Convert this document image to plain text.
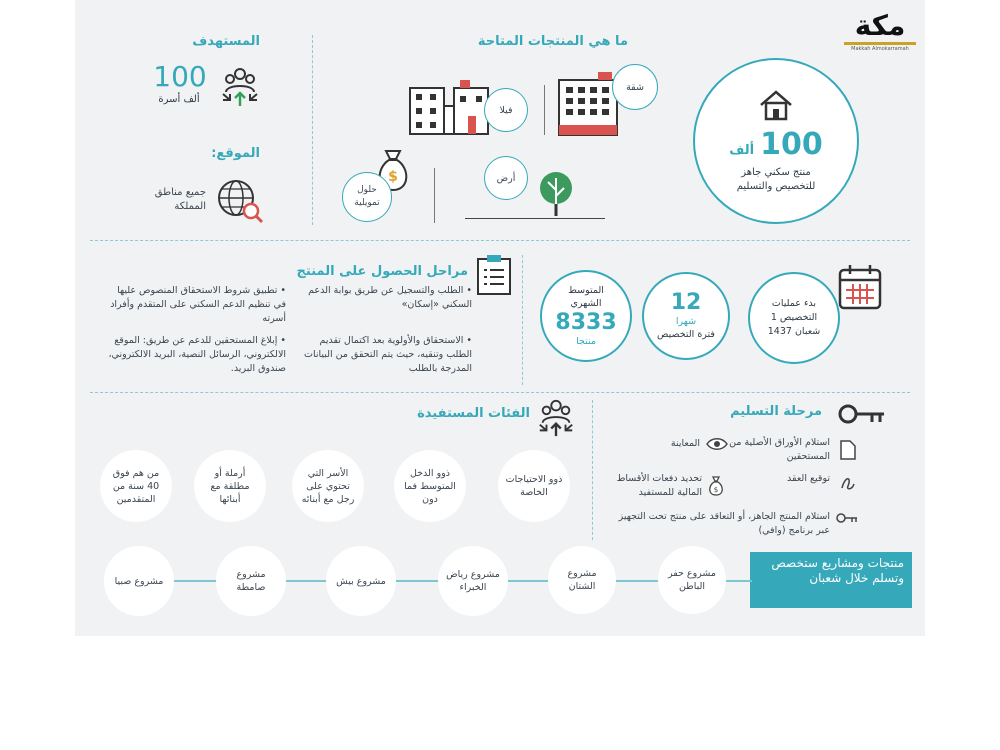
مكة
Makkah Almokarramah
ما هي المنتجات المتاحة
100
ألف
منتج سكني جاهز للتخصيص والتسليم
شقة
فيلا
أرض
$
حلول تمويلية
المستهدف
100
ألف أسرة
الموقع:
جميع مناطق المملكة
مراحل الحصول على المنتج
• الطلب والتسجيل عن طريق بوابة الدعم السكني «إسكان»
• الاستحقاق والأولوية بعد اكتمال تقديم الطلب وتنقيه، حيث يتم التحقق من البيانات المدرجة بالطلب
• تطبيق شروط الاستحقاق المنصوص عليها في تنظيم الدعم السكني على المتقدم وأفراد أسرته
• إبلاغ المستحقين للدعم عن طريق: الموقع الالكتروني، الرسائل النصية، البريد الالكتروني، صندوق البريد.
بدء عمليات التخصيص 1 شعبان 1437
12
شهرا
فترة التخصيص
المتوسط الشهري
8333
منتجا
مرحلة التسليم
استلام الأوراق الأصلية من المستحقين
المعاينة
توقيع العقد
$
تحديد دفعات الأقساط المالية للمستفيد
استلام المنتج الجاهز، أو التعاقد على منتج تحت التجهيز عبر برنامج (وافي)
الفئات المستفيدة
ذوو الاحتياجات الخاصة
ذوو الدخل المتوسط فما دون
الأسر التي تحتوي على رجل مع أبنائه
أرملة أو مطلقة مع أبنائها
من هم فوق 40 سنة من المتقدمين
منتجات ومشاريع ستخصص وتسلم خلال شعبان
مشروع حفر الباطن
مشروع الشتان
مشروع رياض الخبراء
مشروع بيش
مشروع صامطة
مشروع صبيا
